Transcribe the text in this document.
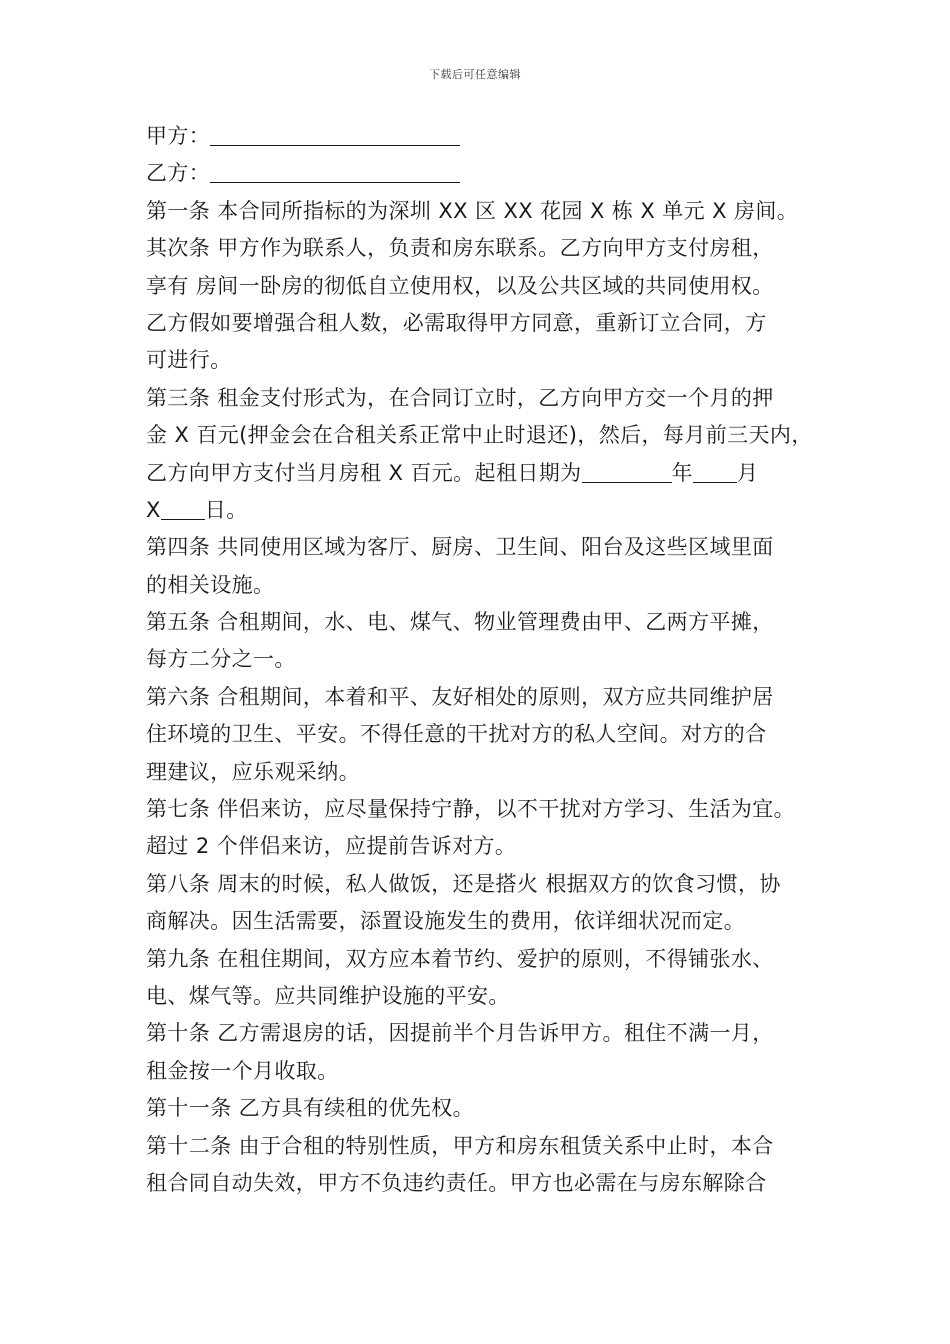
下载后可任意编辑
甲方：
乙方：
第一条 本合同所指标的为深圳 XX 区 XX 花园 X 栋 X 单元 X 房间。
其次条 甲方作为联系人，负责和房东联系。乙方向甲方支付房租，
享有 房间一卧房的彻低自立使用权，以及公共区域的共同使用权。
乙方假如要增强合租人数，必需取得甲方同意，重新订立合同，方
可进行。
第三条 租金支付形式为，在合同订立时，乙方向甲方交一个月的押
金 X 百元(押金会在合租关系正常中止时退还)，然后，每月前三天内，
乙方向甲方支付当月房租 X 百元。起租日期为	年 月
X 日。
第四条 共同使用区域为客厅、厨房、卫生间、阳台及这些区域里面
的相关设施。
第五条 合租期间，水、电、煤气、物业管理费由甲、乙两方平摊，
每方二分之一。
第六条 合租期间，本着和平、友好相处的原则，双方应共同维护居
住环境的卫生、平安。不得任意的干扰对方的私人空间。对方的合
理建议，应乐观采纳。
第七条 伴侣来访，应尽量保持宁静，以不干扰对方学习、生活为宜。
超过 2 个伴侣来访，应提前告诉对方。
第八条 周末的时候，私人做饭，还是搭火 根据双方的饮食习惯，协
商解决。因生活需要，添置设施发生的费用，依详细状况而定。
第九条 在租住期间，双方应本着节约、爱护的原则，不得铺张水、
电、煤气等。应共同维护设施的平安。
第十条 乙方需退房的话，因提前半个月告诉甲方。租住不满一月，
租金按一个月收取。
第十一条 乙方具有续租的优先权。
第十二条 由于合租的特别性质，甲方和房东租赁关系中止时，本合
租合同自动失效，甲方不负违约责任。甲方也必需在与房东解除合
